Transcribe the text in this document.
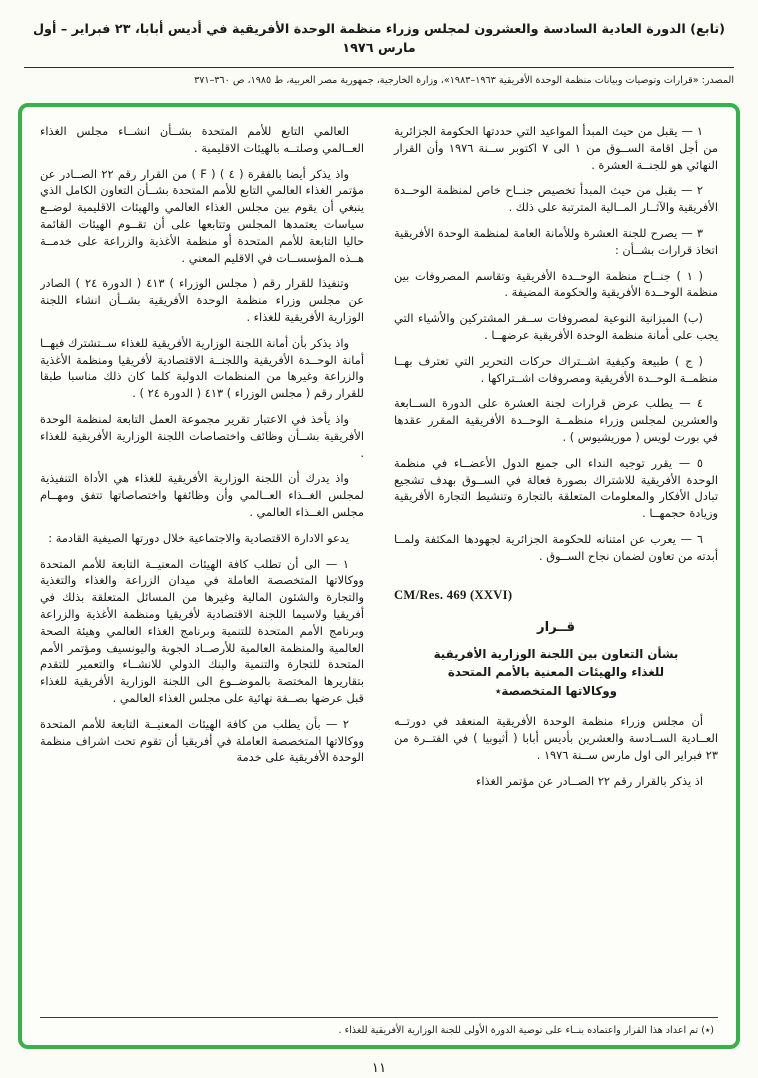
(تابع) الدورة العادية السادسة والعشرون لمجلس وزراء منظمة الوحدة الأفريقية في أديس أبابا، ٢٣ فبراير – أول مارس ١٩٧٦
المصدر: «قرارات وتوصيات وبيانات منظمة الوحدة الأفريقية ١٩٦٣–١٩٨٣»، وزارة الخارجية، جمهورية مصر العربية، ط ١٩٨٥، ص ٣٦٠–٣٧١

١ — يقبل من حيث المبدأ المواعيد التي حددتها الحكومة الجزائرية من أجل اقامة الســوق من ١ الى ٧ اكتوبر ســنة ١٩٧٦ وأن القرار النهائي هو للجنــة العشرة .

٢ — يقبل من حيث المبدأ تخصيص جنــاح خاص لمنظمة الوحــدة الأفريقية والآثــار المــالية المترتبة على ذلك .

٣ — يصرح للجنة العشرة وللأمانة العامة لمنظمة الوحدة الأفريقية اتخاذ قرارات بشــأن :

( ١ ) جنــاح منظمة الوحــدة الأفريقية وتقاسم المصروفات بين منظمة الوحــدة الأفريقية والحكومة المضيفة .

(ب) الميزانية النوعية لمصروفات ســفر المشتركين والأشياء التي يجب على أمانة منظمة الوحدة الأفريقية عرضهــا .

( ج ) طبيعة وكيفية اشــتراك حركات التحرير التي تعترف بهــا منظمــة الوحــدة الأفريقية ومصروفات اشــتراكها .

٤ — يطلب عرض قرارات لجنة العشرة على الدورة الســابعة والعشرين لمجلس وزراء منظمــة الوحــدة الأفريقية المقرر عقدها في بورت لويس ( موريشيوس ) .

٥ — يقرر توجيه النداء الى جميع الدول الأعضــاء في منظمة الوحدة الأفريقية للاشتراك بصورة فعالة في الســوق بهدف تشجيع تبادل الأفكار والمعلومات المتعلقة بالتجارة وتنشيط التجارة الأفريقية وزيادة حجمهــا .

٦ — يعرب عن امتنانه للحكومة الجزائرية لجهودها المكثفة ولمــا أبدته من تعاون لضمان نجاح الســوق .

CM/Res. 469 (XXVI)
قــرار
بشأن التعاون بين اللجنة الوزارية الأفريقية
للغذاء والهيئات المعنية بالأمم المتحدة
ووكالاتها المتخصصة٭

أن مجلس وزراء منظمة الوحدة الأفريقية المنعقد في دورتــه العــادية الســادسة والعشرين بأديس أبابا ( أثيوبيا ) في الفتــرة من ٢٣ فبراير الى اول مارس ســنة ١٩٧٦ .

اذ يذكر بالقرار رقم ٢٢ الصــادر عن مؤتمر الغذاء

العالمي التابع للأمم المتحدة بشــأن انشــاء مجلس الغذاء العــالمي وصلتــه بالهيئات الاقليمية .

واذ يذكر أيضا بالفقرة ( ٤ ) ( F ) من القرار رقم ٢٢ الصــادر عن مؤتمر الغذاء العالمي التابع للأمم المتحدة بشــأن التعاون الكامل الذي ينبغي أن يقوم بين مجلس الغذاء العالمي والهيئات الاقليمية لوضــع سياسات يعتمدها المجلس وتتابعها على أن تقــوم الهيئات القائمة حاليا التابعة للأمم المتحدة أو منظمة الأغذية والزراعة على خدمــة هــذه المؤسســات في الاقليم المعني .

وتنفيذا للقرار رقم ( مجلس الوزراء ) ٤١٣ ( الدورة ٢٤ ) الصادر عن مجلس وزراء منظمة الوحدة الأفريقية بشــأن انشاء اللجنة الوزارية الأفريقية للغذاء .

واذ يذكر بأن أمانة اللجنة الوزارية الأفريقية للغذاء ســتشترك فيهــا أمانة الوحــدة الأفريقية واللجنــة الاقتصادية لأفريقيا ومنظمة الأغذية والزراعة وغيرها من المنظمات الدولية كلما كان ذلك مناسبا طبقا للقرار رقم ( مجلس الوزراء ) ٤١٣ ( الدورة ٢٤ ) .

واذ يأخذ في الاعتبار تقرير مجموعة العمل التابعة لمنظمة الوحدة الأفريقية بشــأن وظائف واختصاصات اللجنة الوزارية الأفريقية للغذاء .

واذ يدرك أن اللجنة الوزارية الأفريقية للغذاء هي الأداة التنفيذية لمجلس الغــذاء العــالمي وأن وظائفها واختصاصاتها تتفق ومهــام مجلس الغــذاء العالمي .

يدعو الادارة الاقتصادية والاجتماعية خلال دورتها الصيفية القادمة :

١ — الى أن تطلب كافة الهيئات المعنيــة التابعة للأمم المتحدة ووكالاتها المتخصصة العاملة في ميدان الزراعة والغذاء والتغذية والتجارة والشئون المالية وغيرها من المسائل المتعلقة بذلك في أفريقيا ولاسيما اللجنة الاقتصادية لأفريقيا ومنظمة الأغذية والزراعة وبرنامج الأمم المتحدة للتنمية وبرنامج الغذاء العالمي وهيئة الصحة العالمية والمنظمة العالمية للأرصــاد الجوية واليونسيف ومؤتمر الأمم المتحدة للتجارة والتنمية والبنك الدولي للانشــاء والتعمير للتقدم بتقاريرها المختصة بالموضــوع الى اللجنة الوزارية الأفريقية للغذاء قبل عرضها بصــفة نهائية على مجلس الغذاء العالمي .

٢ — بأن يطلب من كافة الهيئات المعنيــة التابعة للأمم المتحدة ووكالاتها المتخصصة العاملة في أفريقيا أن تقوم تحت اشراف منظمة الوحدة الأفريقية على خدمة

(٭) تم اعداد هذا القرار واعتماده بنــاء على توصية الدورة الأولى للجنة الوزارية الأفريقية للغذاء .
١١
